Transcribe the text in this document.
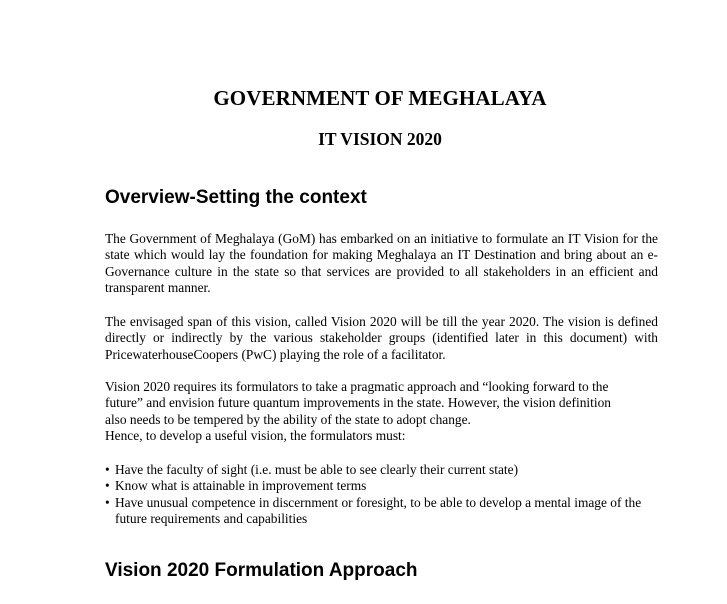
GOVERNMENT OF MEGHALAYA
IT VISION 2020
Overview-Setting the context

The Government of Meghalaya (GoM) has embarked on an initiative to formulate an IT Vision for the state which would lay the foundation for making Meghalaya an IT Destination and bring about an e-Governance culture in the state so that services are provided to all stakeholders in an efficient and transparent manner.

The envisaged span of this vision, called Vision 2020 will be till the year 2020. The vision is defined directly or indirectly by the various stakeholder groups (identified later in this document) with PricewaterhouseCoopers (PwC) playing the role of a facilitator.

Vision 2020 requires its formulators to take a pragmatic approach and “looking forward to the
future” and envision future quantum improvements in the state. However, the vision definition
also needs to be tempered by the ability of the state to adopt change.
Hence, to develop a useful vision, the formulators must:

• Have the faculty of sight (i.e. must be able to see clearly their current state)
• Know what is attainable in improvement terms
• Have unusual competence in discernment or foresight, to be able to develop a mental image of the future requirements and capabilities
Vision 2020 Formulation Approach
